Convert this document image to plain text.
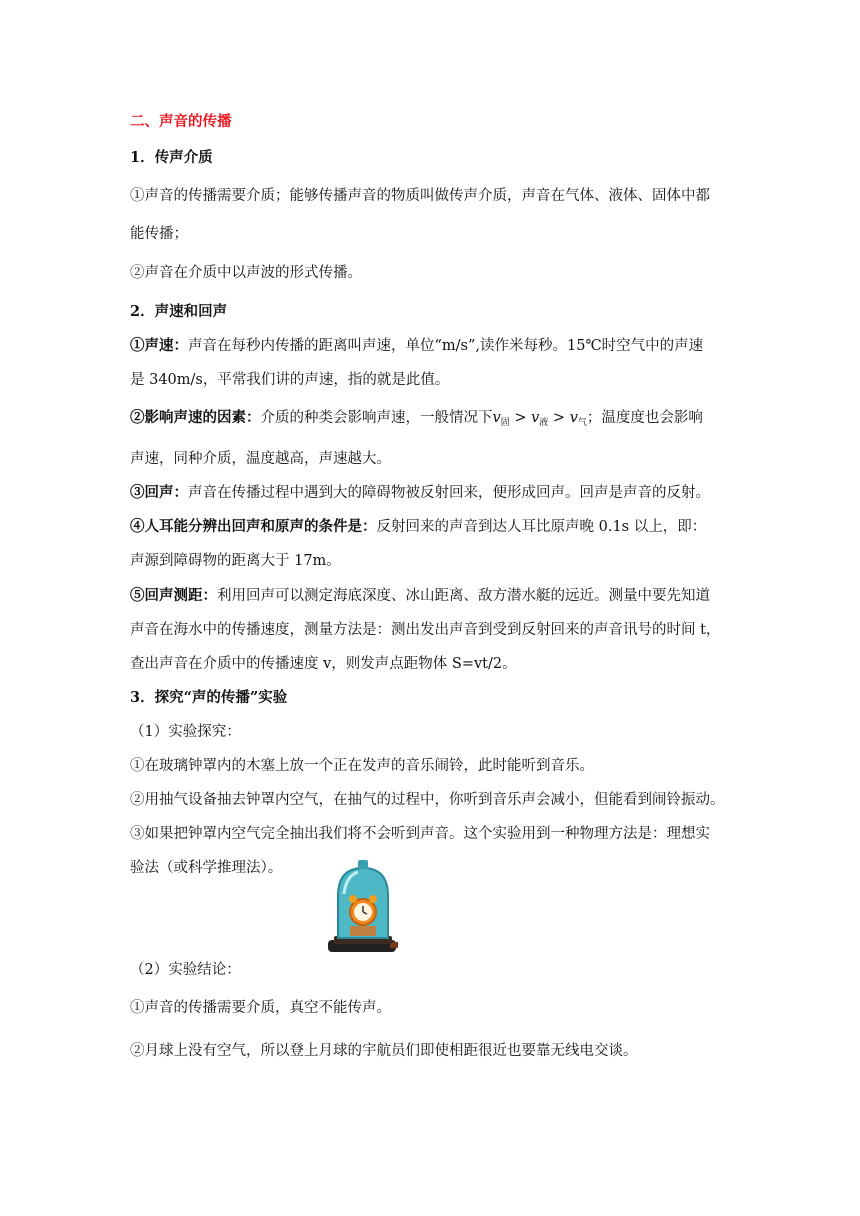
二、声音的传播
1．传声介质
①声音的传播需要介质；能够传播声音的物质叫做传声介质，声音在气体、液体、固体中都
能传播；
②声音在介质中以声波的形式传播。
2．声速和回声
①声速：声音在每秒内传播的距离叫声速，单位“m/s”,读作米每秒。15℃时空气中的声速
是 340m/s，平常我们讲的声速，指的就是此值。
②影响声速的因素：介质的种类会影响声速，一般情况下$v_固 > v_液 > v_气$；温度度也会影响
声速，同种介质，温度越高，声速越大。
③回声：声音在传播过程中遇到大的障碍物被反射回来，便形成回声。回声是声音的反射。
④人耳能分辨出回声和原声的条件是：反射回来的声音到达人耳比原声晚 0.1s 以上，即：
声源到障碍物的距离大于 17m。
⑤回声测距：利用回声可以测定海底深度、冰山距离、敌方潜水艇的远近。测量中要先知道
声音在海水中的传播速度，测量方法是：测出发出声音到受到反射回来的声音讯号的时间 t，
查出声音在介质中的传播速度 v，则发声点距物体 S=vt/2。
3．探究“声的传播”实验
（1）实验探究：
①在玻璃钟罩内的木塞上放一个正在发声的音乐闹铃，此时能听到音乐。
②用抽气设备抽去钟罩内空气，在抽气的过程中，你听到音乐声会减小，但能看到闹铃振动。
③如果把钟罩内空气完全抽出我们将不会听到声音。这个实验用到一种物理方法是：理想实
验法（或科学推理法）。
（2）实验结论：
①声音的传播需要介质，真空不能传声。
②月球上没有空气，所以登上月球的宇航员们即使相距很近也要靠无线电交谈。
